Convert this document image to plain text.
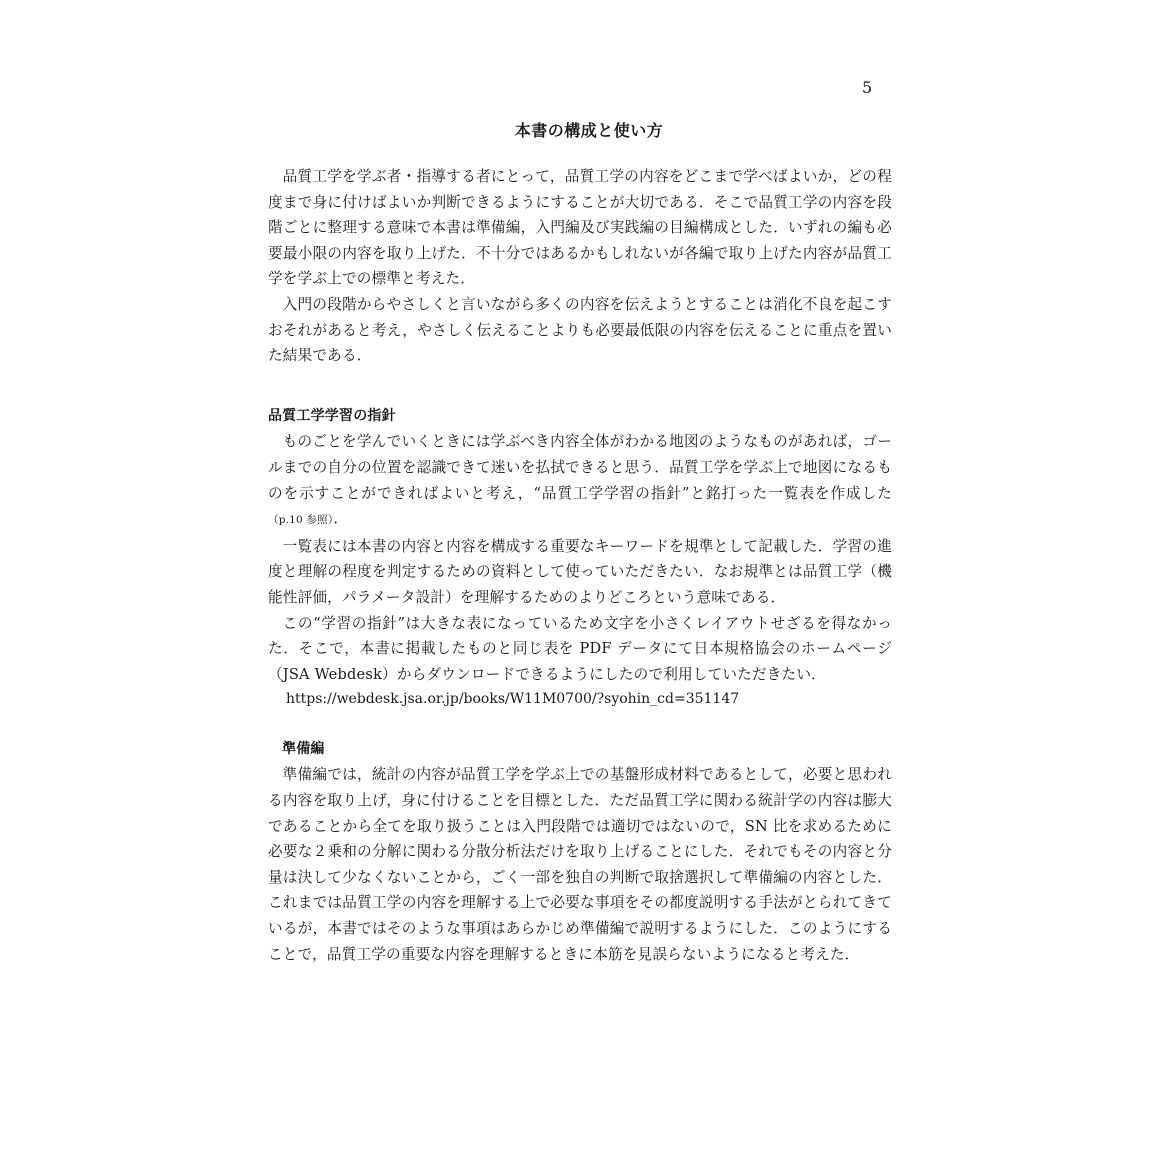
5
本書の構成と使い方

品質工学を学ぶ者・指導する者にとって，品質工学の内容をどこまで学べばよいか，どの程度まで身に付けばよいか判断できるようにすることが大切である．そこで品質工学の内容を段階ごとに整理する意味で本書は準備編，入門編及び実践編の目編構成とした．いずれの編も必要最小限の内容を取り上げた．不十分ではあるかもしれないが各編で取り上げた内容が品質工学を学ぶ上での標準と考えた．

入門の段階からやさしくと言いながら多くの内容を伝えようとすることは消化不良を起こすおそれがあると考え，やさしく伝えることよりも必要最低限の内容を伝えることに重点を置いた結果である．

品質工学学習の指針

ものごとを学んでいくときには学ぶべき内容全体がわかる地図のようなものがあれば，ゴールまでの自分の位置を認識できて迷いを払拭できると思う．品質工学を学ぶ上で地図になるものを示すことができればよいと考え，“品質工学学習の指針”と銘打った一覧表を作成した（p.10 参照）．

一覧表には本書の内容と内容を構成する重要なキーワードを規準として記載した．学習の進度と理解の程度を判定するための資料として使っていただきたい．なお規準とは品質工学（機能性評価，パラメータ設計）を理解するためのよりどころという意味である．

この“学習の指針”は大きな表になっているため文字を小さくレイアウトせざるを得なかった．そこで，本書に掲載したものと同じ表を PDF データにて日本規格協会のホームページ（JSA Webdesk）からダウンロードできるようにしたので利用していただきたい．

https://webdesk.jsa.or.jp/books/W11M0700/?syohin_cd=351147

準備編

準備編では，統計の内容が品質工学を学ぶ上での基盤形成材料であるとして，必要と思われる内容を取り上げ，身に付けることを目標とした．ただ品質工学に関わる統計学の内容は膨大であることから全てを取り扱うことは入門段階では適切ではないので，SN 比を求めるために必要な２乗和の分解に関わる分散分析法だけを取り上げることにした．それでもその内容と分量は決して少なくないことから，ごく一部を独自の判断で取捨選択して準備編の内容とした．これまでは品質工学の内容を理解する上で必要な事項をその都度説明する手法がとられてきているが，本書ではそのような事項はあらかじめ準備編で説明するようにした．このようにすることで，品質工学の重要な内容を理解するときに本筋を見誤らないようになると考えた．
